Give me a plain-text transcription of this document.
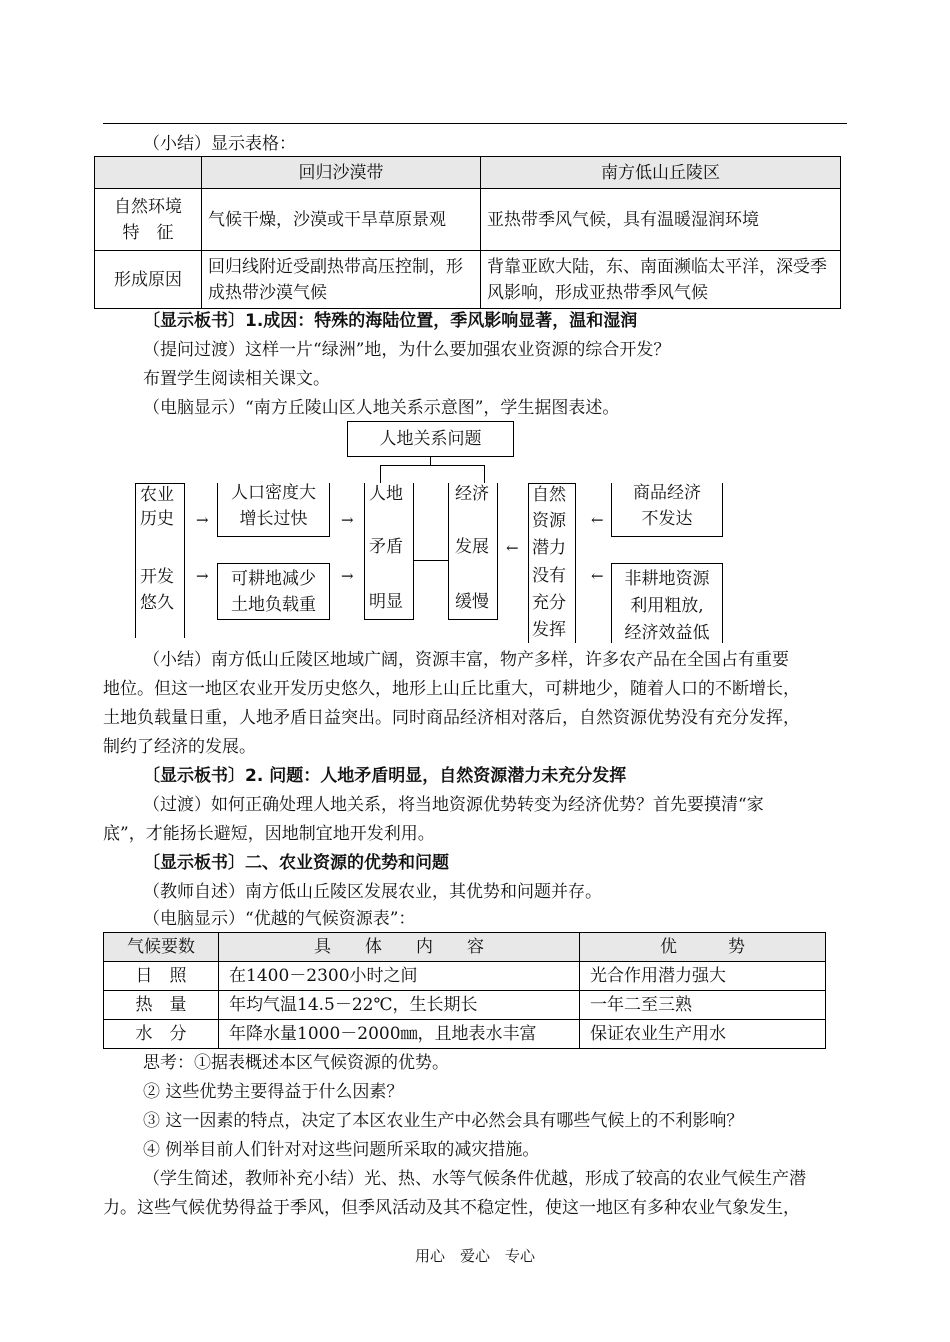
（小结）显示表格：
	回归沙漠带	南方低山丘陵区

自然环境
特　征	气候干燥，沙漠或干旱草原景观	亚热带季风气候，具有温暖湿润环境
形成原因	回归线附近受副热带高压控制，形成热带沙漠气候	背靠亚欧大陆，东、南面濒临太平洋，深受季风影响，形成亚热带季风气候
〔显示板书〕1.成因：特殊的海陆位置，季风影响显著，温和湿润
（提问过渡）这样一片“绿洲”地，为什么要加强农业资源的综合开发？
布置学生阅读相关课文。
（电脑显示）“南方丘陵山区人地关系示意图”，学生据图表述。
人地关系问题
农业
历史
开发
悠久
→
→
人口密度大
增长过快
可耕地减少
土地负载重
→
→
人地
矛盾
明显
经济
发展
缓慢
←
自然
资源
潜力
没有
充分
发挥
←
←
商品经济
不发达
非耕地资源
利用粗放,
经济效益低
（小结）南方低山丘陵区地域广阔，资源丰富，物产多样，许多农产品在全国占有重要
地位。但这一地区农业开发历史悠久，地形上山丘比重大，可耕地少，随着人口的不断增长，
土地负载量日重，人地矛盾日益突出。同时商品经济相对落后，自然资源优势没有充分发挥，
制约了经济的发展。
〔显示板书〕2. 问题：人地矛盾明显，自然资源潜力未充分发挥
（过渡）如何正确处理人地关系，将当地资源优势转变为经济优势？首先要摸清“家
底”，才能扬长避短，因地制宜地开发利用。
〔显示板书〕二、农业资源的优势和问题
（教师自述）南方低山丘陵区发展农业，其优势和问题并存。
（电脑显示）“优越的气候资源表”：
气候要数	具　　体　　内　　容	优　　　势
日　照	在1400－2300小时之间	光合作用潜力强大
热　量	年均气温14.5－22℃，生长期长	一年二至三熟
水　分	年降水量1000－2000㎜，且地表水丰富	保证农业生产用水
思考：①据表概述本区气候资源的优势。
② 这些优势主要得益于什么因素？
③ 这一因素的特点，决定了本区农业生产中必然会具有哪些气候上的不利影响？
④ 例举目前人们针对对这些问题所采取的减灾措施。
（学生简述，教师补充小结）光、热、水等气候条件优越，形成了较高的农业气候生产潜
力。这些气候优势得益于季风，但季风活动及其不稳定性，使这一地区有多种农业气象发生，
用心　爱心　专心
